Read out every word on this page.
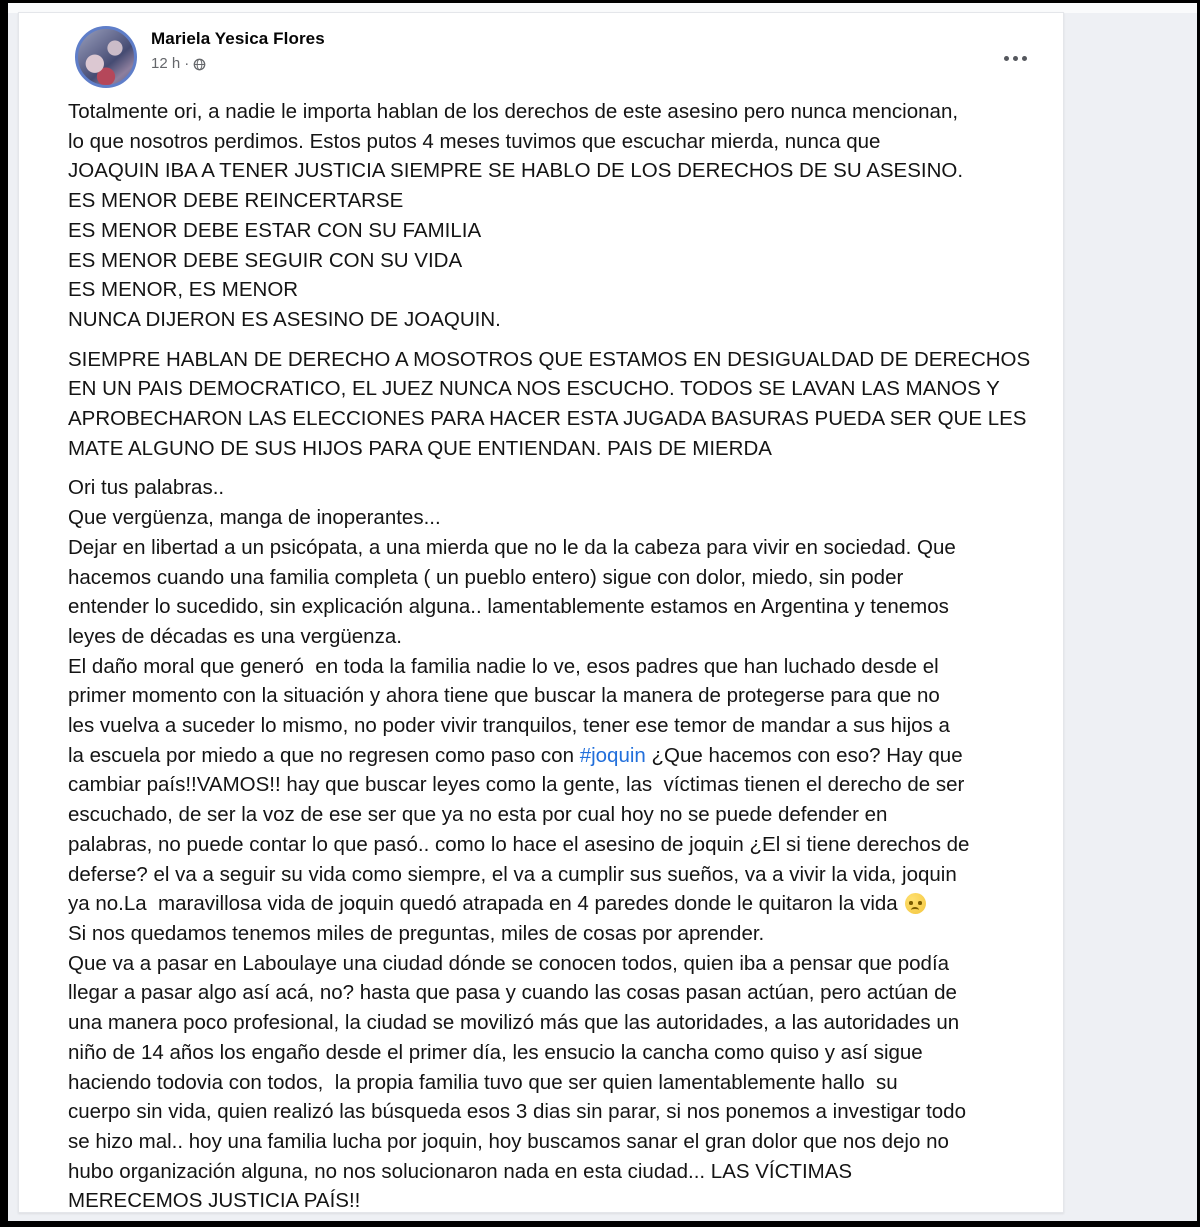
Mariela Yesica Flores
12 h ·
Totalmente ori, a nadie le importa hablan de los derechos de este asesino pero nunca mencionan,
lo que nosotros perdimos. Estos putos 4 meses tuvimos que escuchar mierda, nunca que
JOAQUIN IBA A TENER JUSTICIA SIEMPRE SE HABLO DE LOS DERECHOS DE SU ASESINO.
ES MENOR DEBE REINCERTARSE
ES MENOR DEBE ESTAR CON SU FAMILIA
ES MENOR DEBE SEGUIR CON SU VIDA
ES MENOR, ES MENOR
NUNCA DIJERON ES ASESINO DE JOAQUIN.
SIEMPRE HABLAN DE DERECHO A MOSOTROS QUE ESTAMOS EN DESIGUALDAD DE DERECHOS
EN UN PAIS DEMOCRATICO, EL JUEZ NUNCA NOS ESCUCHO. TODOS SE LAVAN LAS MANOS Y
APROBECHARON LAS ELECCIONES PARA HACER ESTA JUGADA BASURAS PUEDA SER QUE LES
MATE ALGUNO DE SUS HIJOS PARA QUE ENTIENDAN. PAIS DE MIERDA
Ori tus palabras..
Que vergüenza, manga de inoperantes...
Dejar en libertad a un psicópata, a una mierda que no le da la cabeza para vivir en sociedad. Que
hacemos cuando una familia completa ( un pueblo entero) sigue con dolor, miedo, sin poder
entender lo sucedido, sin explicación alguna.. lamentablemente estamos en Argentina y tenemos
leyes de décadas es una vergüenza.
El daño moral que generó  en toda la familia nadie lo ve, esos padres que han luchado desde el
primer momento con la situación y ahora tiene que buscar la manera de protegerse para que no
les vuelva a suceder lo mismo, no poder vivir tranquilos, tener ese temor de mandar a sus hijos a
la escuela por miedo a que no regresen como paso con #joquin ¿Que hacemos con eso? Hay que
cambiar país!!VAMOS!! hay que buscar leyes como la gente, las  víctimas tienen el derecho de ser
escuchado, de ser la voz de ese ser que ya no esta por cual hoy no se puede defender en
palabras, no puede contar lo que pasó.. como lo hace el asesino de joquin ¿El si tiene derechos de
deferse? el va a seguir su vida como siempre, el va a cumplir sus sueños, va a vivir la vida, joquin
ya no.La  maravillosa vida de joquin quedó atrapada en 4 paredes donde le quitaron la vida
Si nos quedamos tenemos miles de preguntas, miles de cosas por aprender.
Que va a pasar en Laboulaye una ciudad dónde se conocen todos, quien iba a pensar que podía
llegar a pasar algo así acá, no? hasta que pasa y cuando las cosas pasan actúan, pero actúan de
una manera poco profesional, la ciudad se movilizó más que las autoridades, a las autoridades un
niño de 14 años los engaño desde el primer día, les ensucio la cancha como quiso y así sigue
haciendo todovia con todos,  la propia familia tuvo que ser quien lamentablemente hallo  su
cuerpo sin vida, quien realizó las búsqueda esos 3 dias sin parar, si nos ponemos a investigar todo
se hizo mal.. hoy una familia lucha por joquin, hoy buscamos sanar el gran dolor que nos dejo no
hubo organización alguna, no nos solucionaron nada en esta ciudad... LAS VÍCTIMAS
MERECEMOS JUSTICIA PAÍS!!
